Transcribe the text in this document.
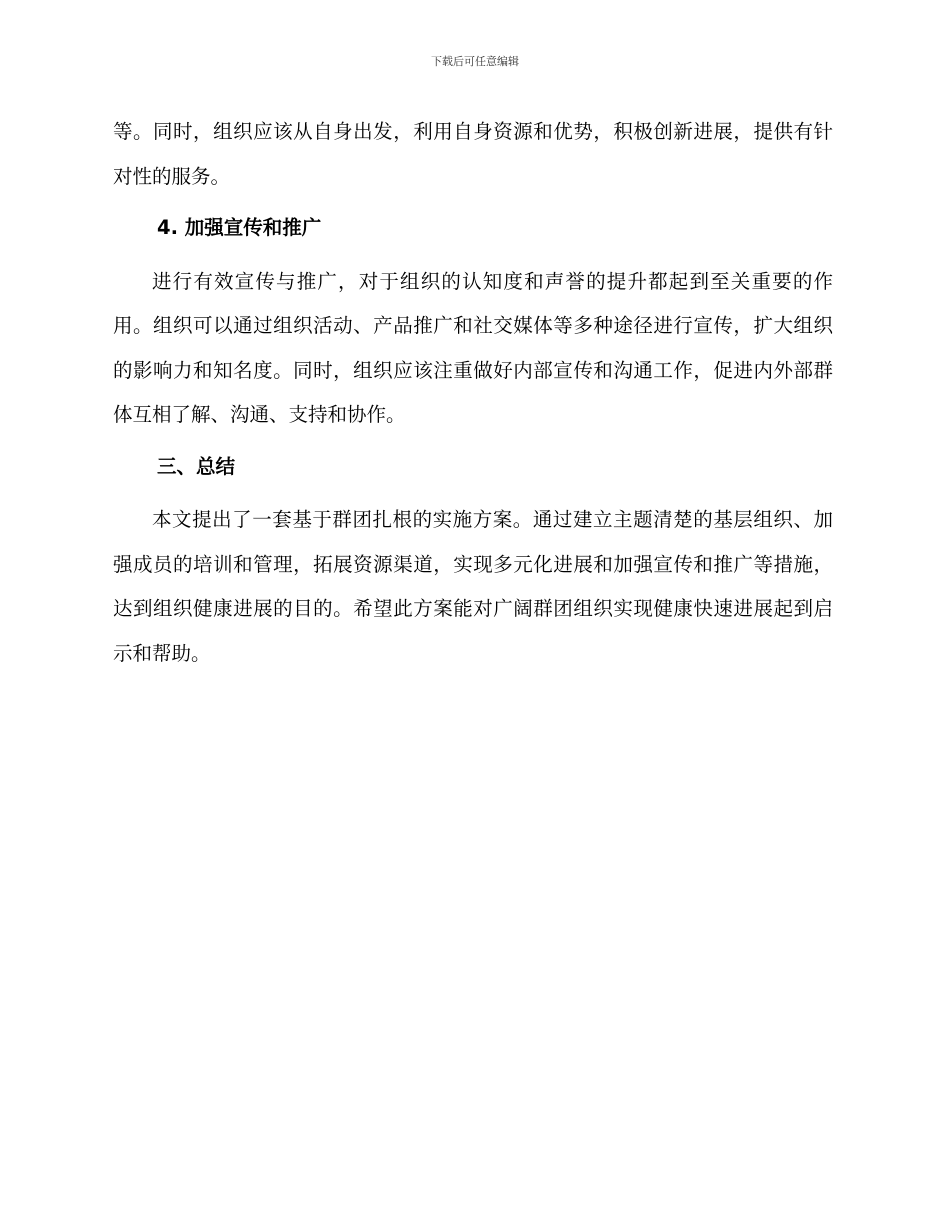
下载后可任意编辑

等。同时，组织应该从自身出发，利用自身资源和优势，积极创新进展，提供有针对性的服务。

4. 加强宣传和推广

进行有效宣传与推广，对于组织的认知度和声誉的提升都起到至关重要的作用。组织可以通过组织活动、产品推广和社交媒体等多种途径进行宣传，扩大组织的影响力和知名度。同时，组织应该注重做好内部宣传和沟通工作，促进内外部群体互相了解、沟通、支持和协作。

三、总结

本文提出了一套基于群团扎根的实施方案。通过建立主题清楚的基层组织、加强成员的培训和管理，拓展资源渠道，实现多元化进展和加强宣传和推广等措施，达到组织健康进展的目的。希望此方案能对广阔群团组织实现健康快速进展起到启示和帮助。
